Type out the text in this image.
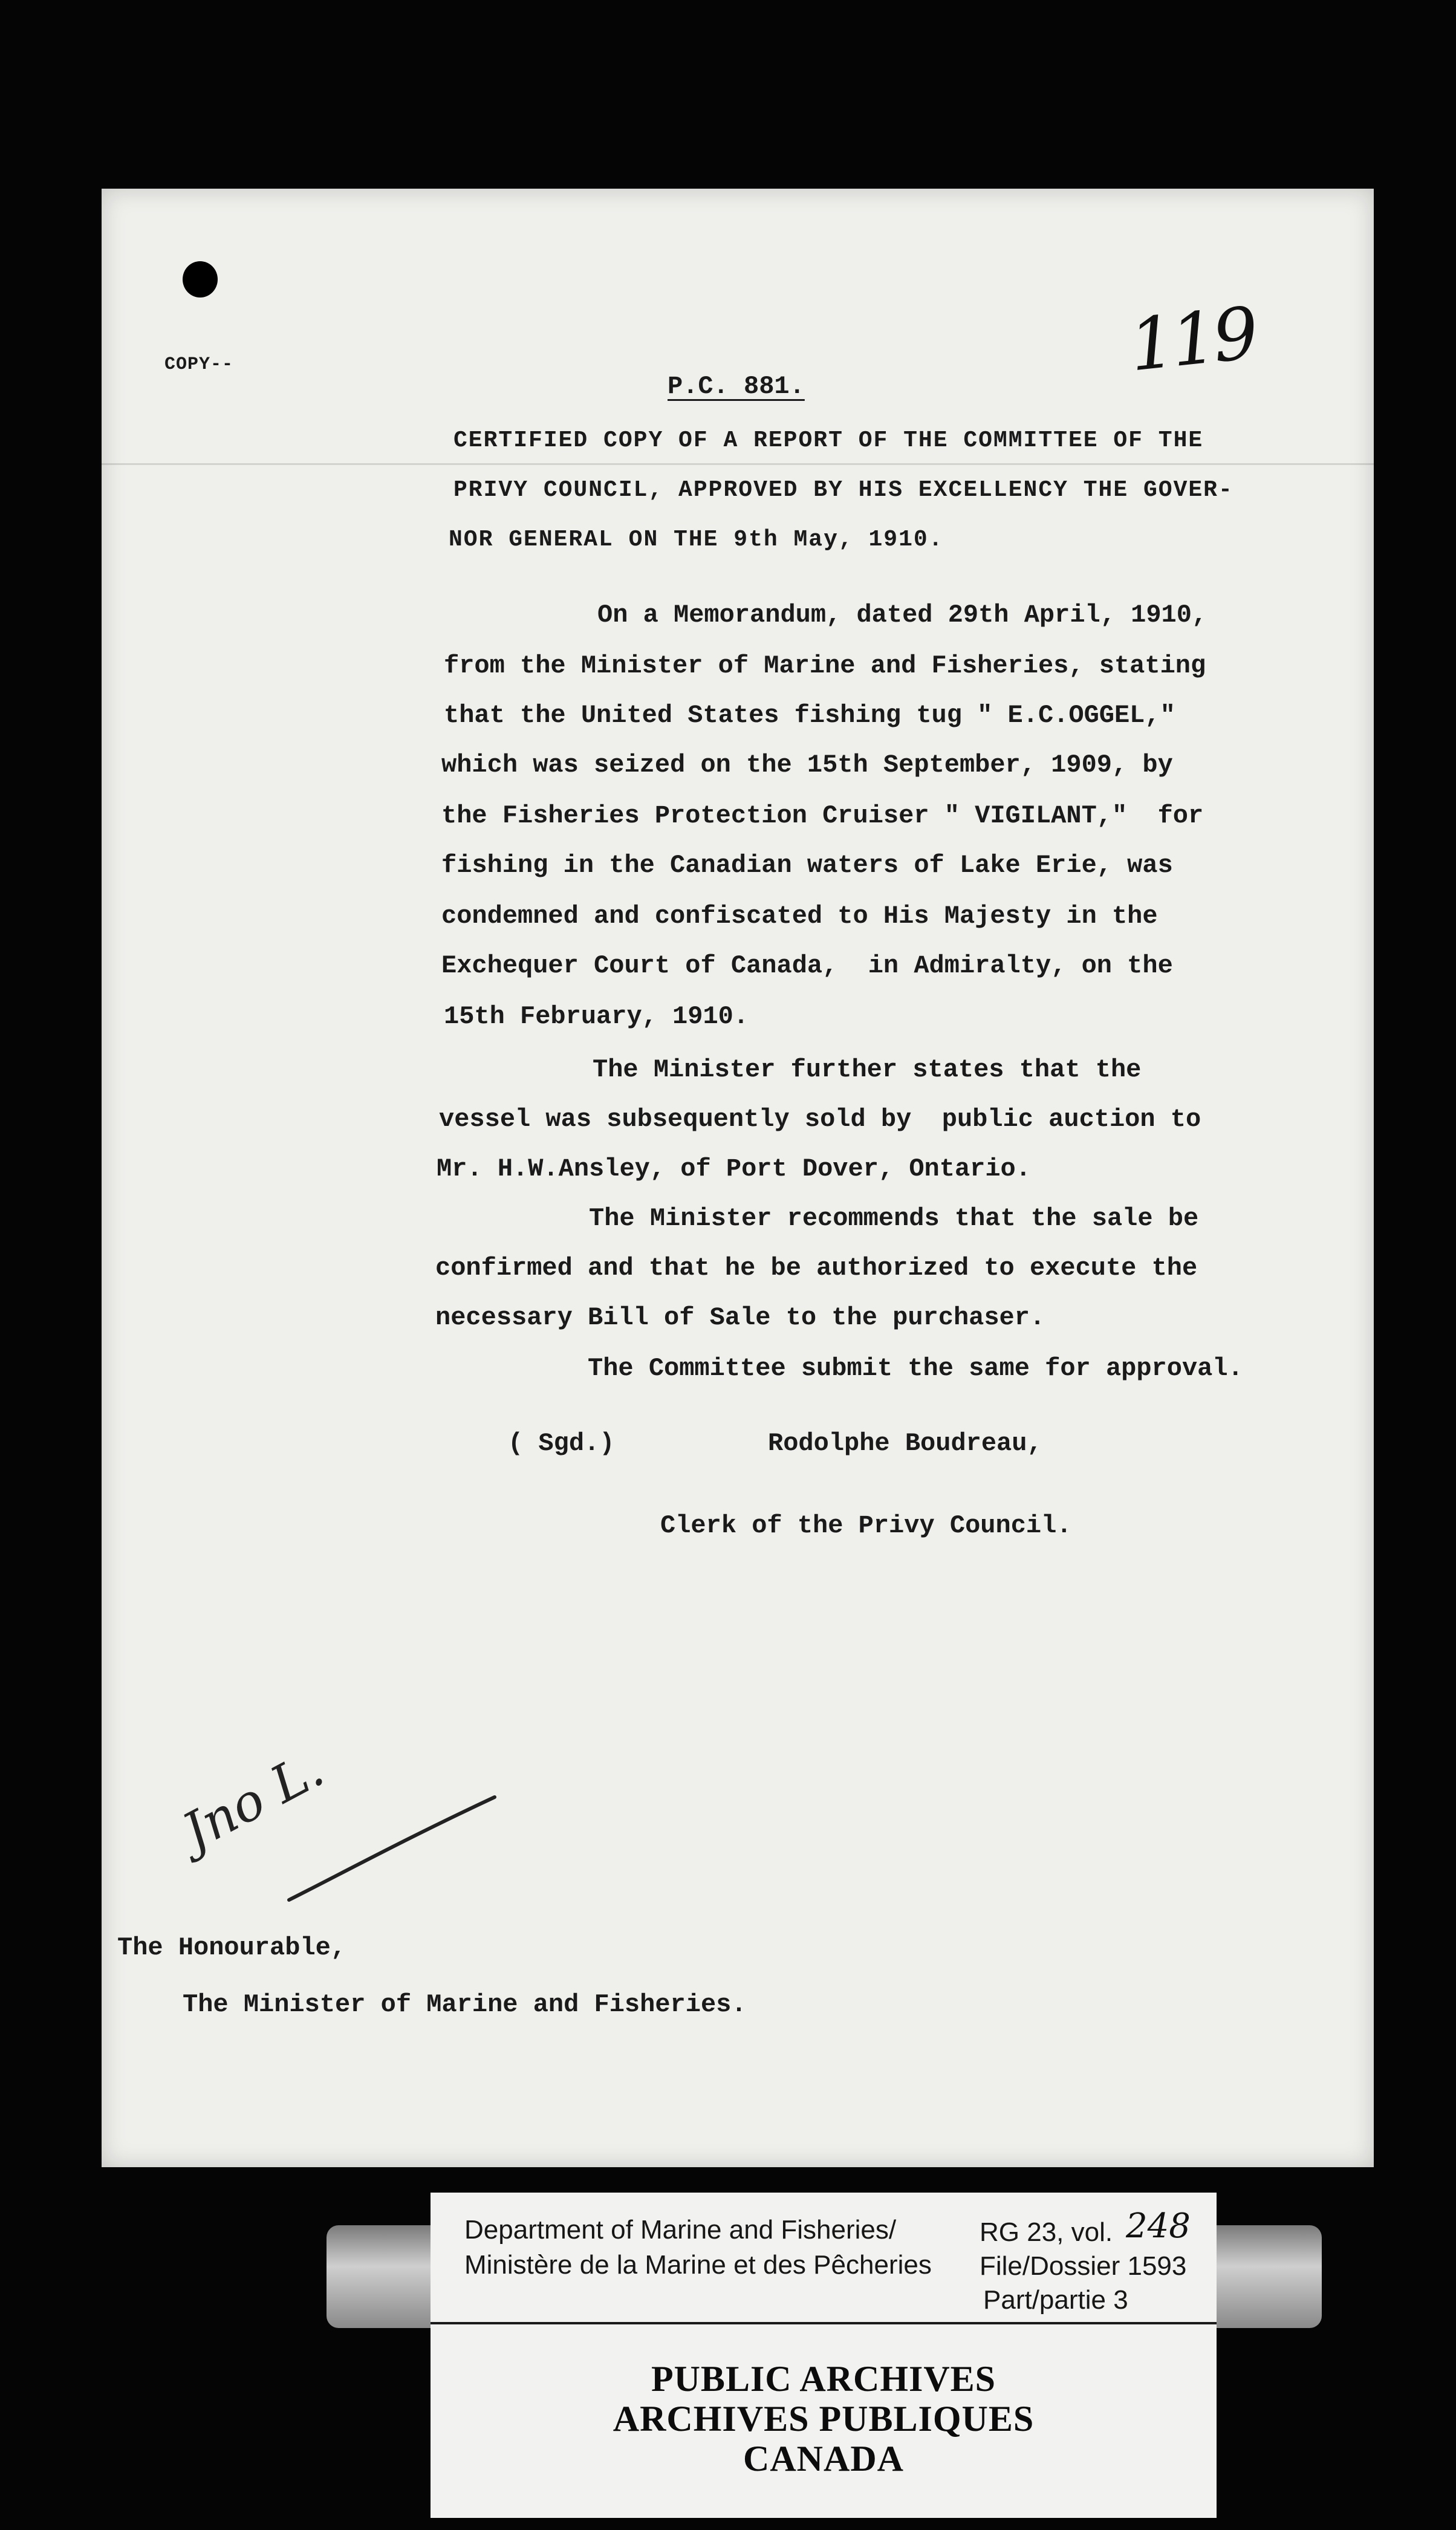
119
COPY--
P.C. 881.
CERTIFIED COPY OF A REPORT OF THE COMMITTEE OF THE
PRIVY COUNCIL, APPROVED BY HIS EXCELLENCY THE GOVER-
NOR GENERAL ON THE 9th May, 1910.
On a Memorandum, dated 29th April, 1910,
from the Minister of Marine and Fisheries, stating
that the United States fishing tug " E.C.OGGEL,"
which was seized on the 15th September, 1909, by
the Fisheries Protection Cruiser " VIGILANT,"  for
fishing in the Canadian waters of Lake Erie, was
condemned and confiscated to His Majesty in the
Exchequer Court of Canada,  in Admiralty, on the
15th February, 1910.
The Minister further states that the
vessel was subsequently sold by  public auction to
Mr. H.W.Ansley, of Port Dover, Ontario.
The Minister recommends that the sale be
confirmed and that he be authorized to execute the
necessary Bill of Sale to the purchaser.
The Committee submit the same for approval.
( Sgd.)	Rodolphe Boudreau,
Clerk of the Privy Council.
Jno L.
The Honourable,
The Minister of Marine and Fisheries.
Department of Marine and Fisheries/
Ministère de la Marine et des Pêcheries
RG 23, vol. 248
File/Dossier 1593
Part/partie 3
PUBLIC ARCHIVES
ARCHIVES PUBLIQUES
CANADA
